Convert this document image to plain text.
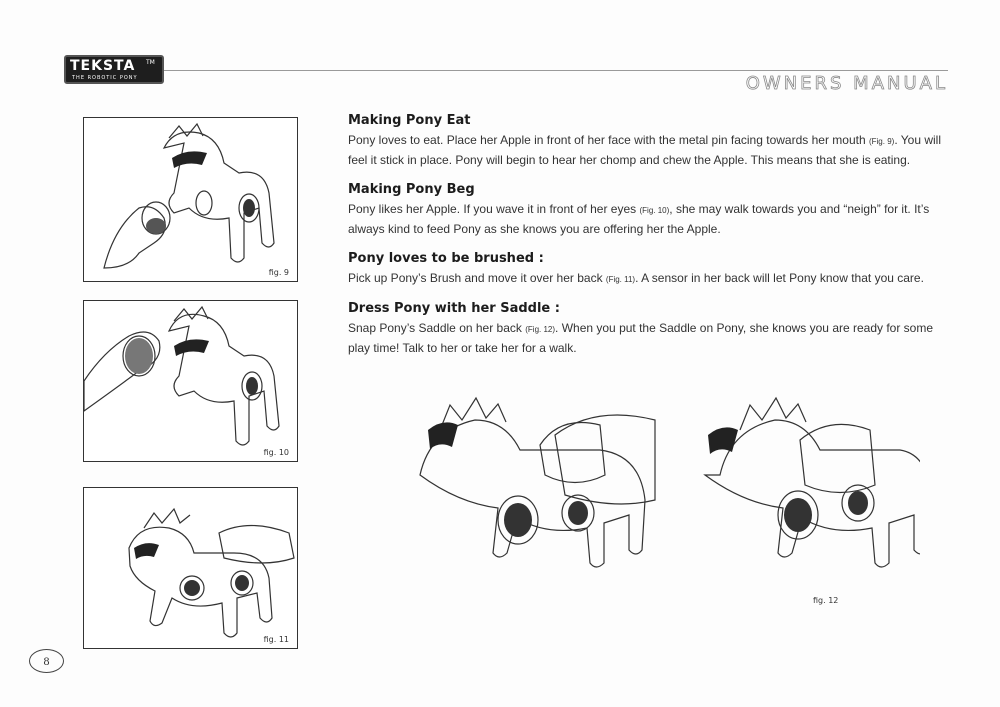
TEKSTA TM
THE ROBOTIC PONY	OWNERS MANUAL
fig. 9
fig. 10
fig. 11
Making Pony Eat

Pony loves to eat. Place her Apple in front of her face with the metal pin facing towards her mouth (Fig. 9). You will feel it stick in place. Pony will begin to hear her chomp and chew the Apple. This means that she is eating.

Making Pony Beg

Pony likes her Apple. If you wave it in front of her eyes (Fig. 10), she may walk towards you and “neigh” for it. It’s always kind to feed Pony as she knows you are offering her the Apple.

Pony loves to be brushed :

Pick up Pony’s Brush and move it over her back (Fig. 11). A sensor in her back will let Pony know that you care.

Dress Pony with her Saddle :

Snap Pony’s Saddle on her back (Fig. 12). When you put the Saddle on Pony, she knows you are ready for some play time! Talk to her or take her for a walk.

fig. 12
8
